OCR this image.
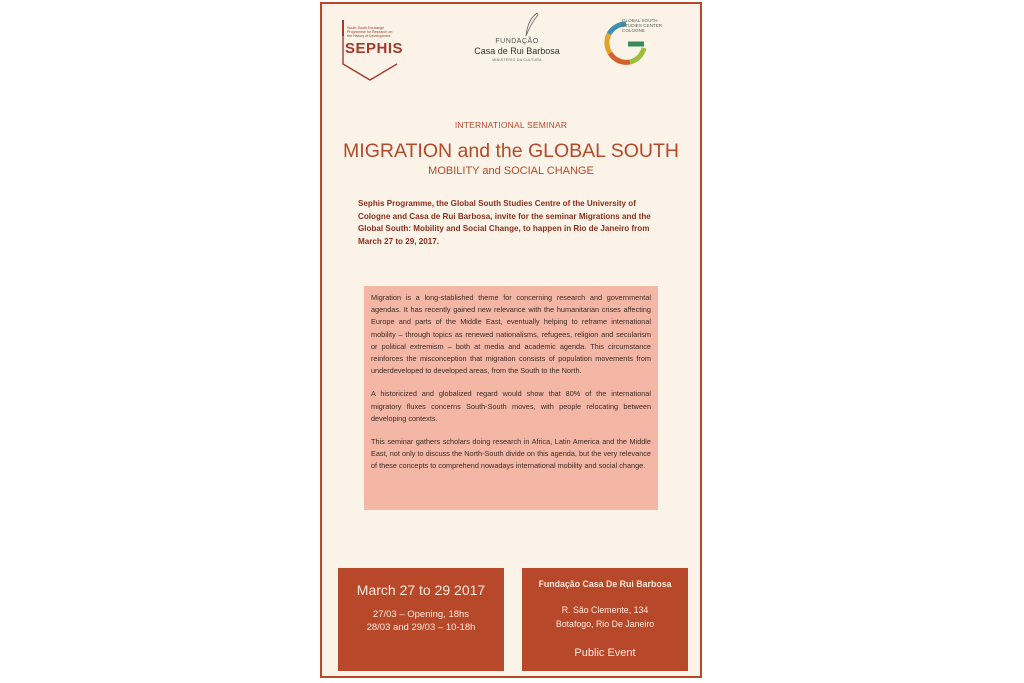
South-South Exchange
Programme for Research on
the History of Development
SEPHIS	FUNDAÇÃO
Casa de Rui Barbosa
MINISTÉRIO DA CULTURA
GLOBAL SOUTH
STUDIES CENTER
COLOGNE
INTERNATIONAL SEMINAR
MIGRATION and the GLOBAL SOUTH
MOBILITY and SOCIAL CHANGE
Sephis Programme, the Global South Studies Centre of the University of Cologne and Casa de Rui Barbosa, invite for the seminar Migrations and the Global South: Mobility and Social Change, to happen in Rio de Janeiro from March 27 to 29, 2017.

Migration is a long-stablished theme for concerning research and governmental agendas. It has recently gained new relevance with the humanitarian crises affecting Europe and parts of the Middle East, eventually helping to reframe international mobility – through topics as renewed nationalisms, refugees, religion and secularism or political extremism – both at media and academic agenda. This circumstance reinforces the misconception that migration consists of population movements from underdeveloped to developed areas, from the South to the North.

A historicized and globalized regard would show that 80% of the international migratory fluxes concerns South-South moves, with people relocating between developing contexts.

This seminar gathers scholars doing research in Africa, Latin America and the Middle East, not only to discuss the North-South divide on this agenda, but the very relevance of these concepts to comprehend nowadays international mobility and social change.

March 27 to 29 2017
27/03 – Opening, 18hs
28/03 and 29/03 – 10-18h
Fundação Casa De Rui Barbosa
R. São Clemente, 134
Botafogo, Rio De Janeiro
Public Event
